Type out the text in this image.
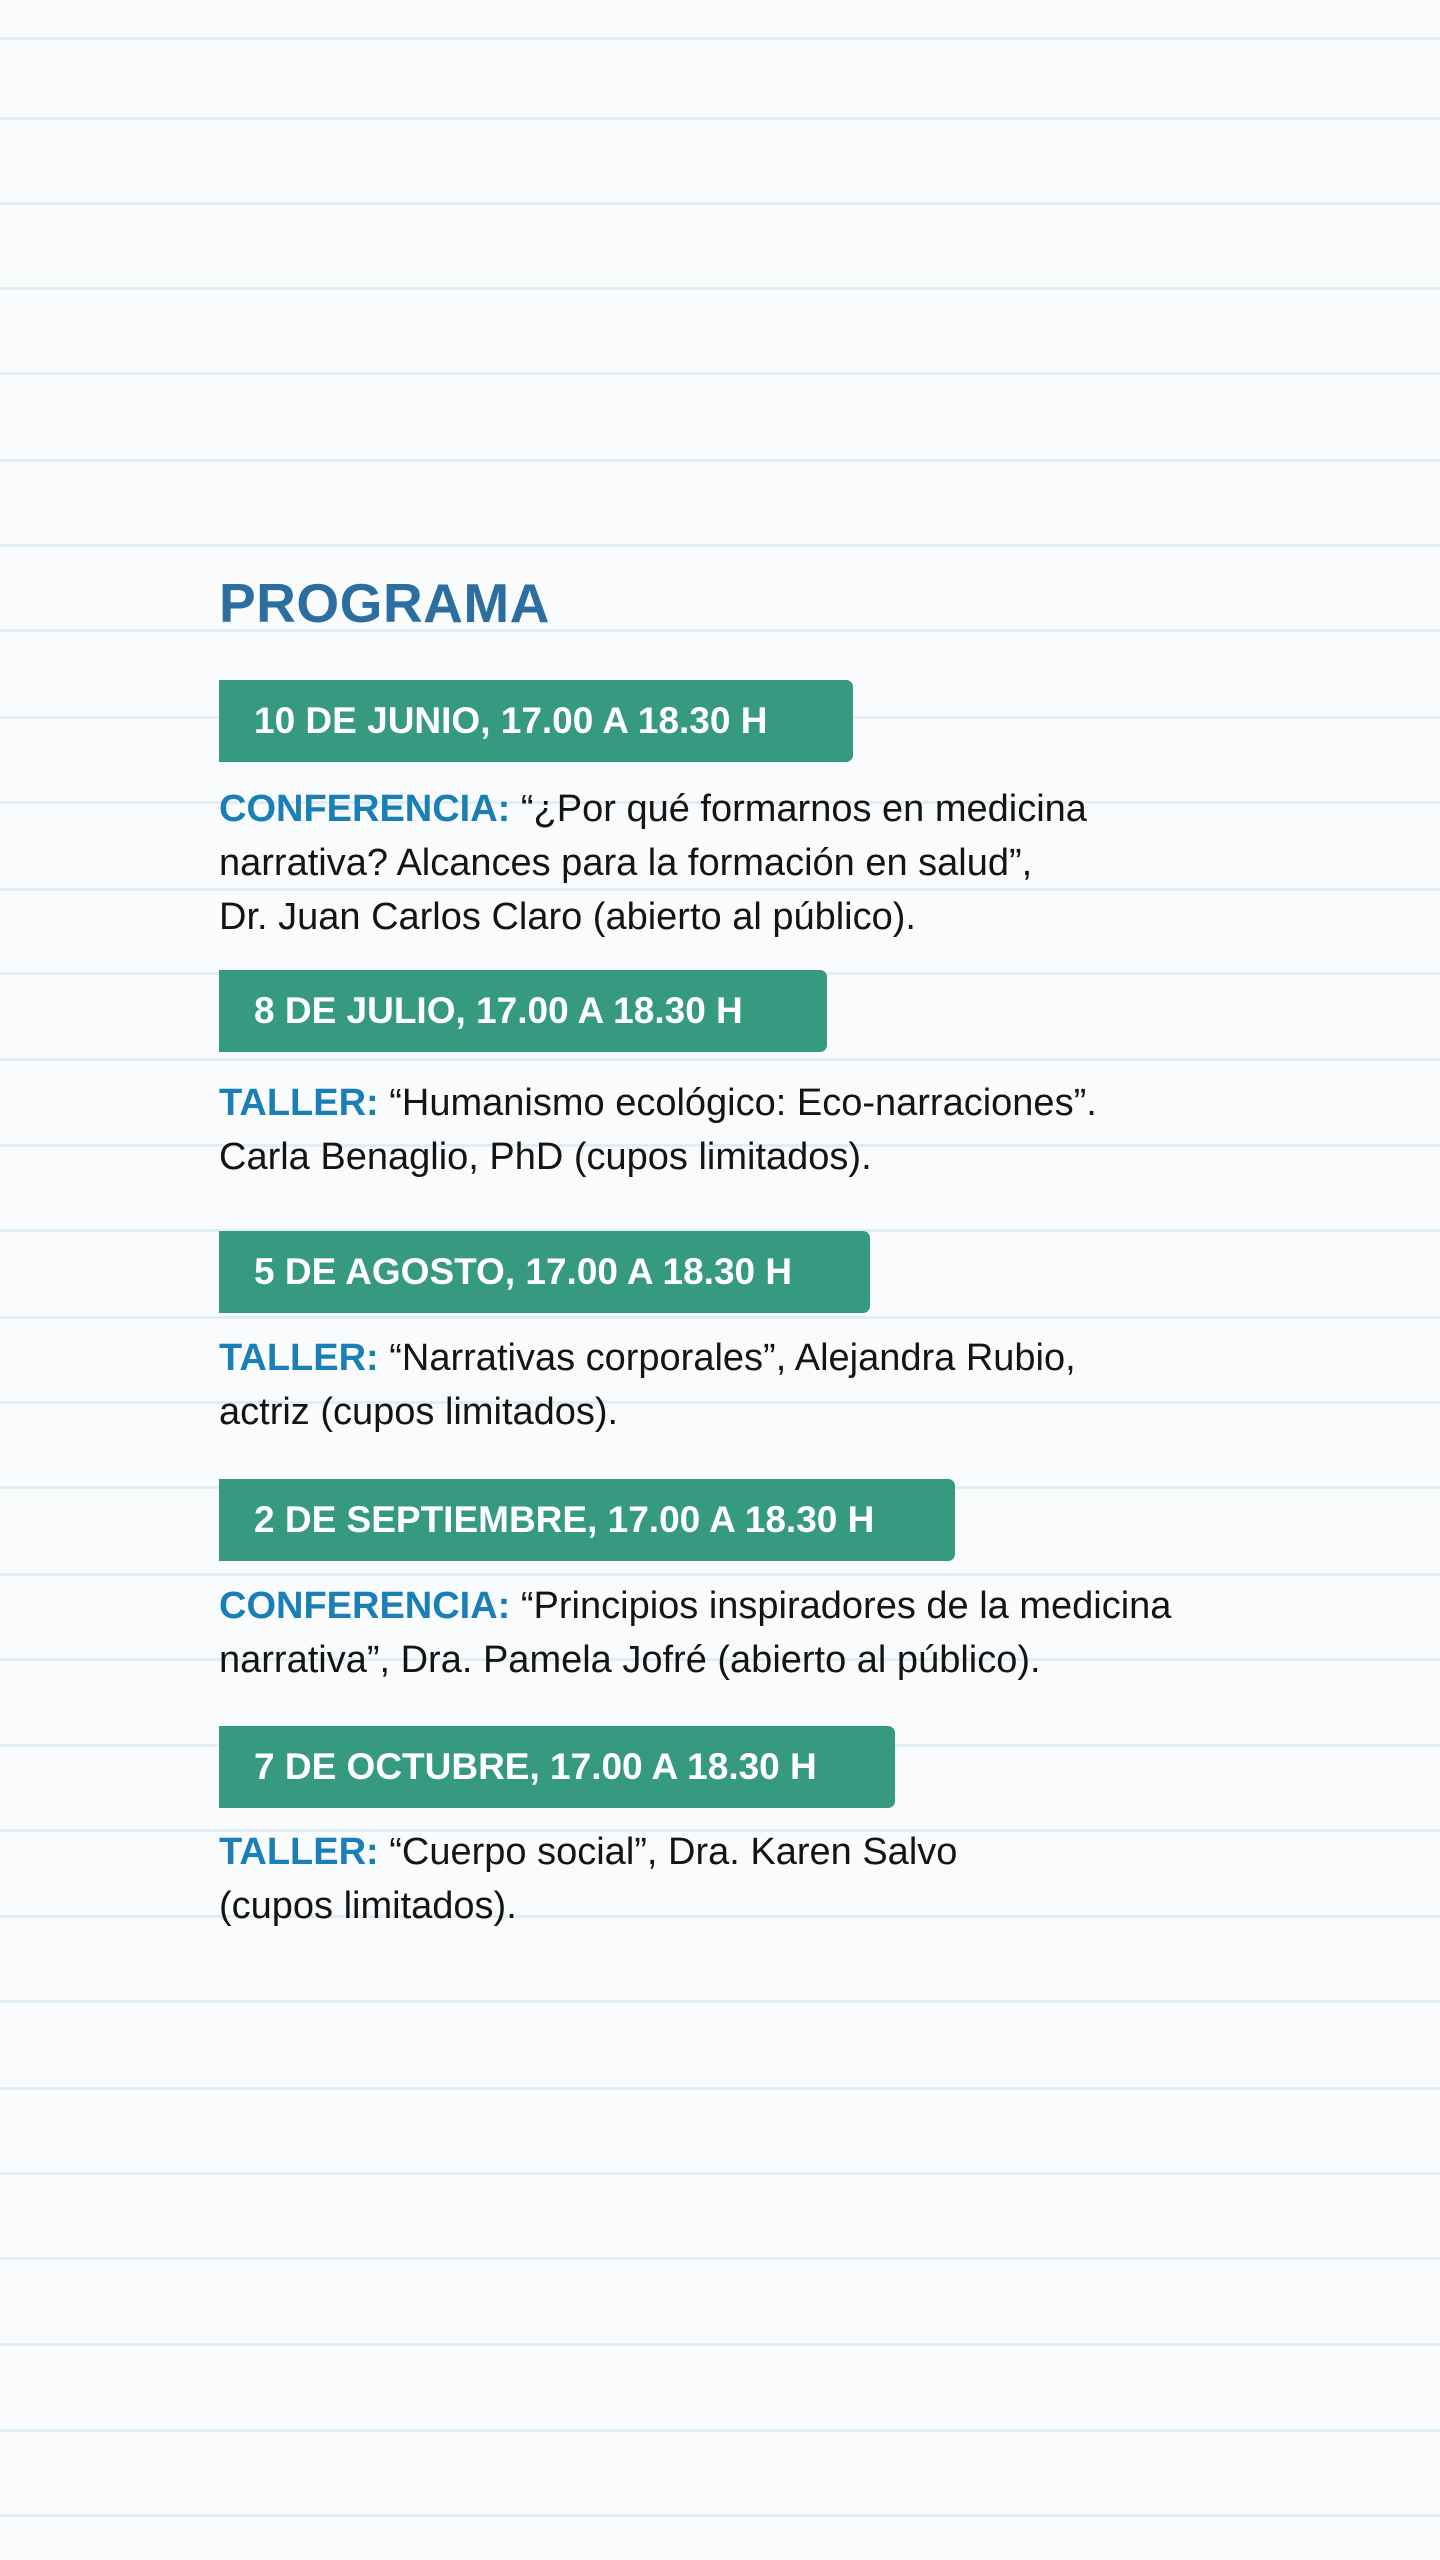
PROGRAMA
10 DE JUNIO, 17.00 A 18.30 H

CONFERENCIA: “¿Por qué formarnos en medicina
narrativa? Alcances para la formación en salud”,
Dr. Juan Carlos Claro (abierto al público).

8 DE JULIO, 17.00 A 18.30 H

TALLER: “Humanismo ecológico: Eco-narraciones”.
Carla Benaglio, PhD (cupos limitados).

5 DE AGOSTO, 17.00 A 18.30 H

TALLER: “Narrativas corporales”, Alejandra Rubio,
actriz (cupos limitados).

2 DE SEPTIEMBRE, 17.00 A 18.30 H

CONFERENCIA: “Principios inspiradores de la medicina
narrativa”, Dra. Pamela Jofré (abierto al público).

7 DE OCTUBRE, 17.00 A 18.30 H

TALLER: “Cuerpo social”, Dra. Karen Salvo
(cupos limitados).
